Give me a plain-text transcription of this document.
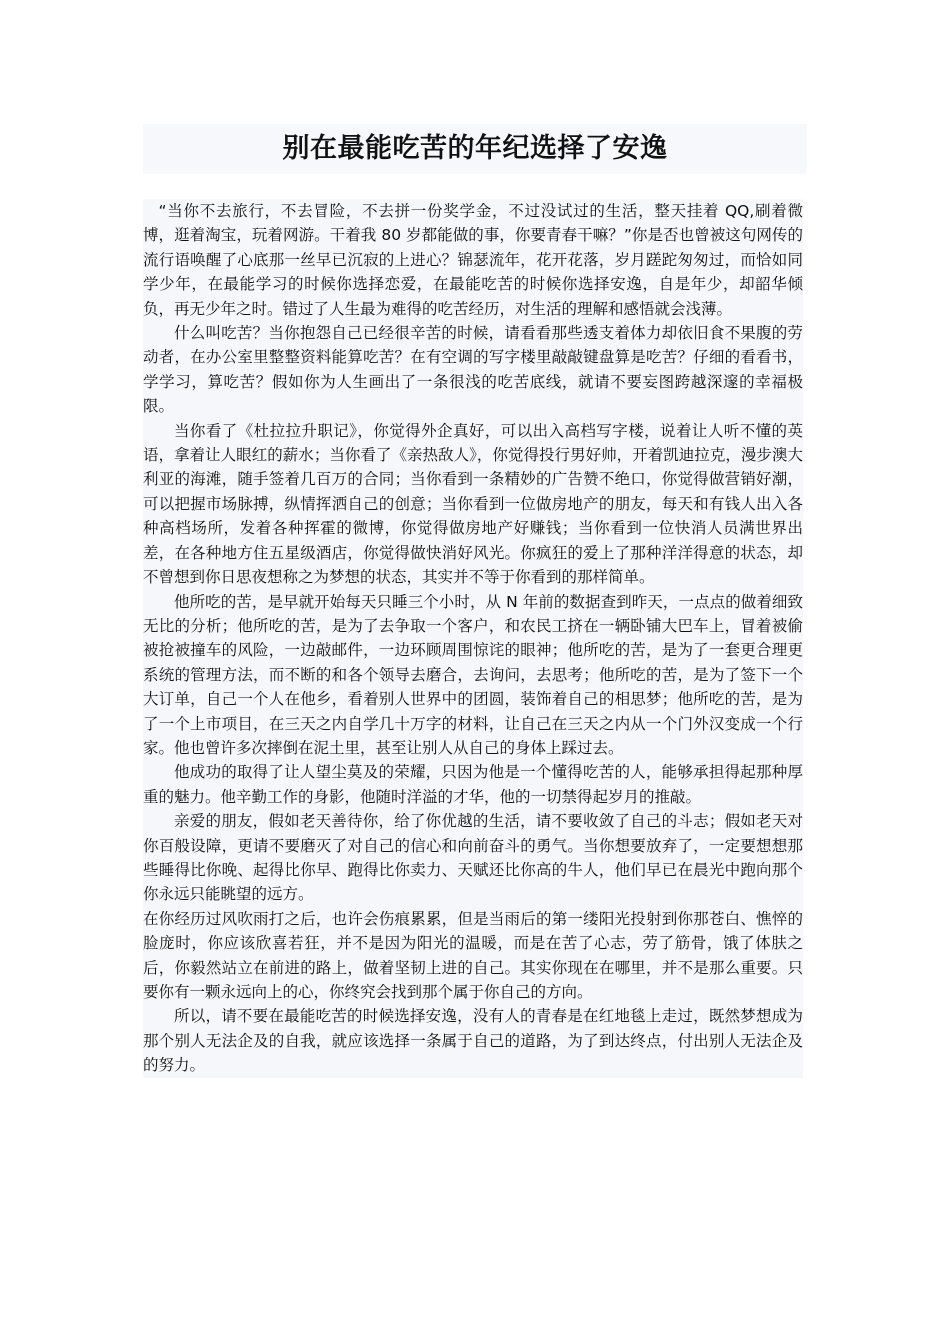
别在最能吃苦的年纪选择了安逸

“当你不去旅行，不去冒险，不去拼一份奖学金，不过没试过的生活，整天挂着 QQ,刷着微博，逛着淘宝，玩着网游。干着我 80 岁都能做的事，你要青春干嘛？”你是否也曾被这句网传的流行语唤醒了心底那一丝早已沉寂的上进心？锦瑟流年，花开花落，岁月蹉跎匆匆过，而恰如同学少年，在最能学习的时候你选择恋爱，在最能吃苦的时候你选择安逸，自是年少，却韶华倾负，再无少年之时。错过了人生最为难得的吃苦经历，对生活的理解和感悟就会浅薄。

什么叫吃苦？当你抱怨自己已经很辛苦的时候，请看看那些透支着体力却依旧食不果腹的劳动者，在办公室里整整资料能算吃苦？在有空调的写字楼里敲敲键盘算是吃苦？仔细的看看书，学学习，算吃苦？假如你为人生画出了一条很浅的吃苦底线，就请不要妄图跨越深邃的幸福极限。

当你看了《杜拉拉升职记》，你觉得外企真好，可以出入高档写字楼，说着让人听不懂的英语，拿着让人眼红的薪水；当你看了《亲热敌人》，你觉得投行男好帅，开着凯迪拉克，漫步澳大利亚的海滩，随手签着几百万的合同；当你看到一条精妙的广告赞不绝口，你觉得做营销好潮，可以把握市场脉搏，纵情挥洒自己的创意；当你看到一位做房地产的朋友，每天和有钱人出入各种高档场所，发着各种挥霍的微博，你觉得做房地产好赚钱；当你看到一位快消人员满世界出差，在各种地方住五星级酒店，你觉得做快消好风光。你疯狂的爱上了那种洋洋得意的状态，却不曾想到你日思夜想称之为梦想的状态，其实并不等于你看到的那样简单。

他所吃的苦，是早就开始每天只睡三个小时，从 N 年前的数据查到昨天，一点点的做着细致无比的分析；他所吃的苦，是为了去争取一个客户，和农民工挤在一辆卧铺大巴车上，冒着被偷被抢被撞车的风险，一边敲邮件，一边环顾周围惊诧的眼神；他所吃的苦，是为了一套更合理更系统的管理方法，而不断的和各个领导去磨合，去询问，去思考；他所吃的苦，是为了签下一个大订单，自己一个人在他乡，看着别人世界中的团圆，装饰着自己的相思梦；他所吃的苦，是为了一个上市项目，在三天之内自学几十万字的材料，让自己在三天之内从一个门外汉变成一个行家。他也曾许多次摔倒在泥土里，甚至让别人从自己的身体上踩过去。

他成功的取得了让人望尘莫及的荣耀，只因为他是一个懂得吃苦的人，能够承担得起那种厚重的魅力。他辛勤工作的身影，他随时洋溢的才华，他的一切禁得起岁月的推敲。

亲爱的朋友，假如老天善待你，给了你优越的生活，请不要收敛了自己的斗志；假如老天对你百般设障，更请不要磨灭了对自己的信心和向前奋斗的勇气。当你想要放弃了，一定要想想那些睡得比你晚、起得比你早、跑得比你卖力、天赋还比你高的牛人，他们早已在晨光中跑向那个你永远只能眺望的远方。

在你经历过风吹雨打之后，也许会伤痕累累，但是当雨后的第一缕阳光投射到你那苍白、憔悴的脸庞时，你应该欣喜若狂，并不是因为阳光的温暖，而是在苦了心志，劳了筋骨，饿了体肤之后，你毅然站立在前进的路上，做着坚韧上进的自己。其实你现在在哪里，并不是那么重要。只要你有一颗永远向上的心，你终究会找到那个属于你自己的方向。

所以，请不要在最能吃苦的时候选择安逸，没有人的青春是在红地毯上走过，既然梦想成为那个别人无法企及的自我，就应该选择一条属于自己的道路，为了到达终点，付出别人无法企及的努力。
